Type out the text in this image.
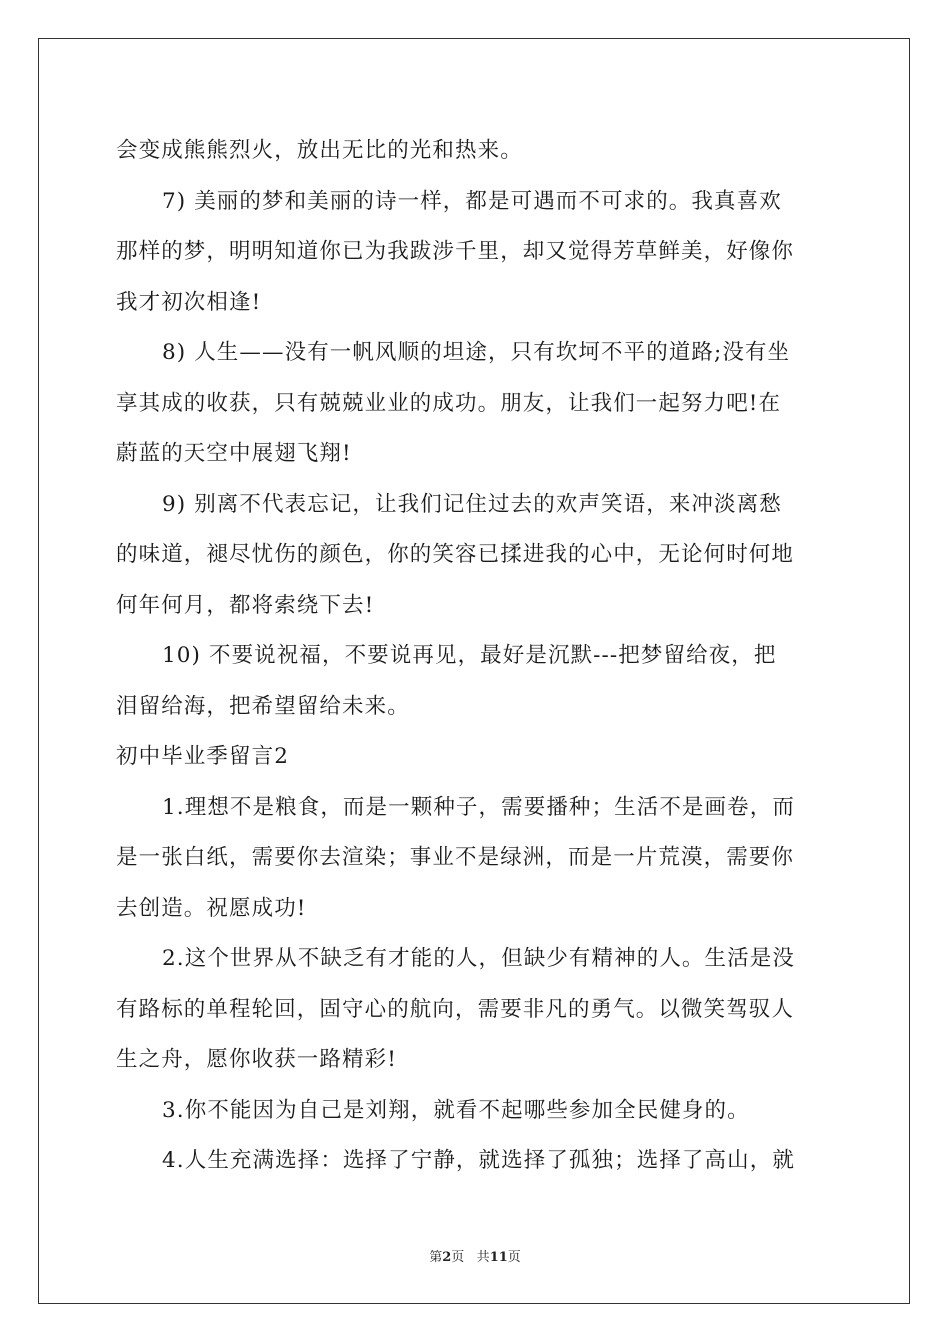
会变成熊熊烈火，放出无比的光和热来。
7) 美丽的梦和美丽的诗一样，都是可遇而不可求的。我真喜欢
那样的梦，明明知道你已为我跋涉千里，却又觉得芳草鲜美，好像你
我才初次相逢!
8) 人生——没有一帆风顺的坦途，只有坎坷不平的道路;没有坐
享其成的收获，只有兢兢业业的成功。朋友，让我们一起努力吧!在
蔚蓝的天空中展翅飞翔!
9) 别离不代表忘记，让我们记住过去的欢声笑语，来冲淡离愁
的味道，褪尽忧伤的颜色，你的笑容已揉进我的心中，无论何时何地
何年何月，都将索绕下去!
10) 不要说祝福，不要说再见，最好是沉默---把梦留给夜，把
泪留给海，把希望留给未来。
初中毕业季留言2
1.理想不是粮食，而是一颗种子，需要播种；生活不是画卷，而
是一张白纸，需要你去渲染；事业不是绿洲，而是一片荒漠，需要你
去创造。祝愿成功!
2.这个世界从不缺乏有才能的人，但缺少有精神的人。生活是没
有路标的单程轮回，固守心的航向，需要非凡的勇气。以微笑驾驭人
生之舟，愿你收获一路精彩!
3.你不能因为自己是刘翔，就看不起哪些参加全民健身的。
4.人生充满选择：选择了宁静，就选择了孤独；选择了高山，就
第2页 共11页
